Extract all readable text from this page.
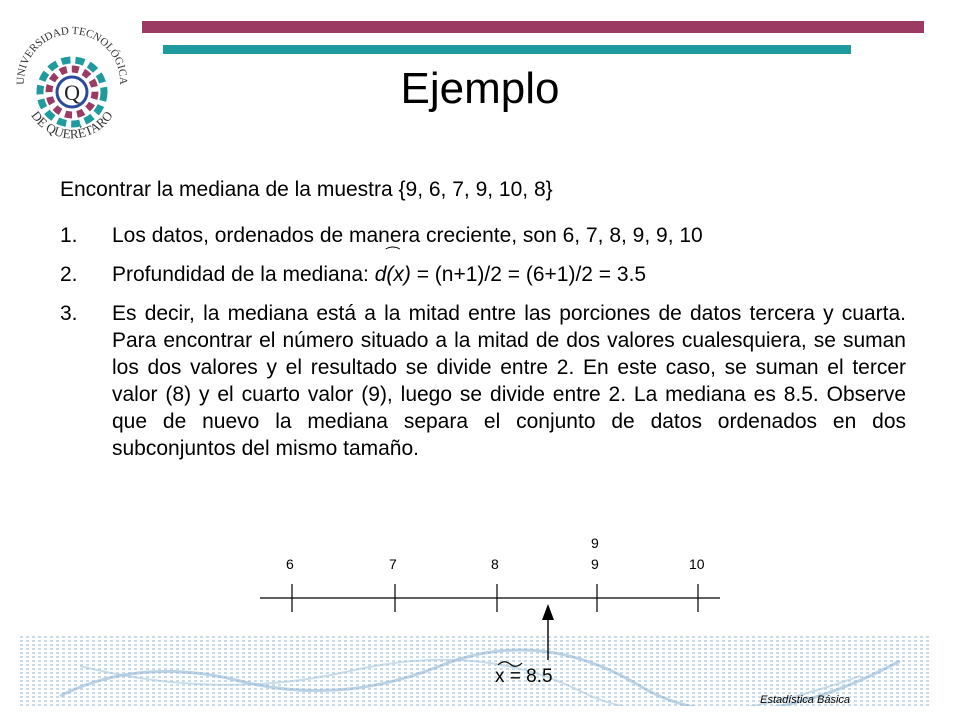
UNIVERSIDAD TECNOLÓGICA
Q
DE QUERÉTARO
Ejemplo
Encontrar la mediana de la muestra {9, 6, 7, 9, 10, 8}
1.	Los datos, ordenados de manera creciente, son 6, 7, 8, 9, 9, 10
2.	Profundidad de la mediana: d(x)
⁀
= (n+1)/2 = (6+1)/2 = 3.5
3.	Es decir, la mediana está a la mitad entre las porciones de datos tercera y cuarta. Para encontrar el número situado a la mitad de dos valores cualesquiera, se suman los dos valores y el resultado se divide entre 2. En este caso, se suman el tercer valor (8) y el cuarto valor (9), luego se divide entre 2. La mediana es 8.5. Observe que de nuevo la mediana separa el conjunto de datos ordenados en dos subconjuntos del mismo tamaño.
6	7	8	9	10
9
x = 8.5
Estadística Básica
